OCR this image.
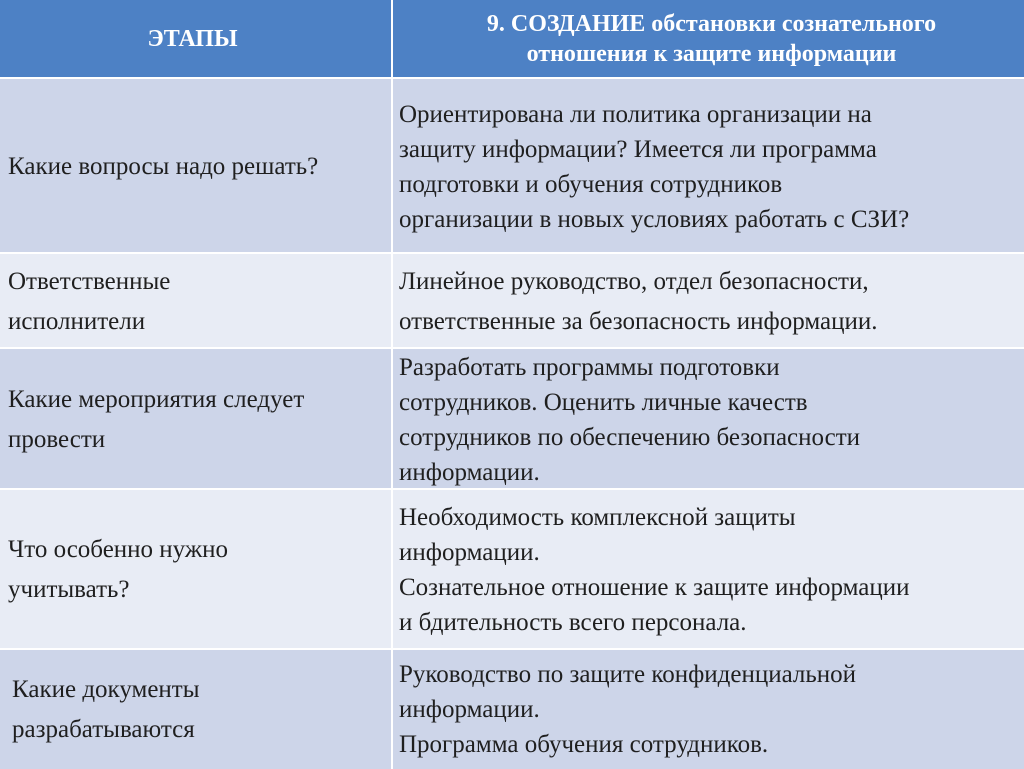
ЭТАПЫ
9. СОЗДАНИЕ обстановки сознательного
отношения к защите информации
Какие вопросы надо решать?
Ориентирована ли политика организации на
защиту информации? Имеется ли программа
подготовки и обучения сотрудников
организации в новых условиях работать с СЗИ?
Ответственные
исполнители
Линейное руководство, отдел безопасности,
ответственные за безопасность информации.
Какие мероприятия следует
провести
Разработать программы подготовки
сотрудников. Оценить личные качеств
сотрудников по обеспечению безопасности
информации.
Что особенно нужно
учитывать?
Необходимость комплексной защиты
информации.
Сознательное отношение к защите информации
и бдительность всего персонала.
Какие документы
разрабатываются
Руководство по защите конфиденциальной
информации.
Программа обучения сотрудников.
